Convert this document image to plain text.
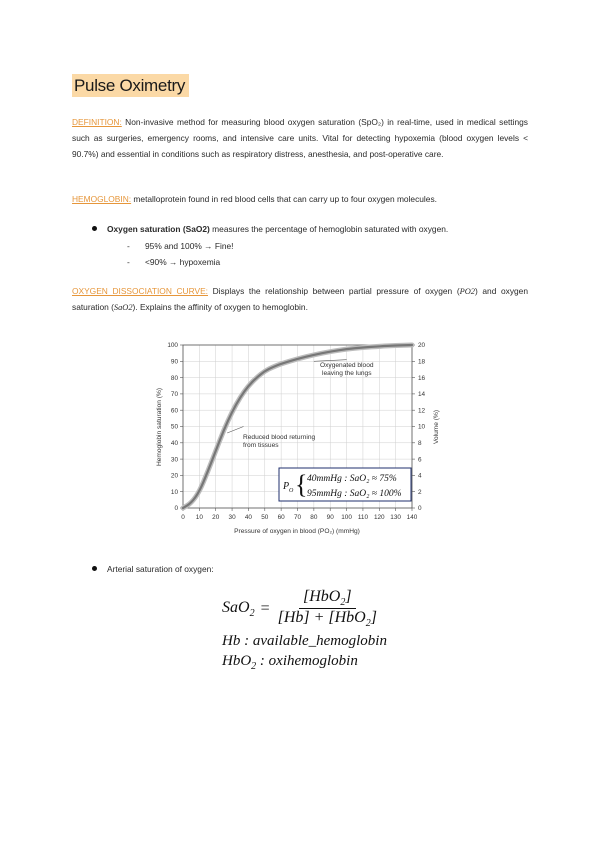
Pulse Oximetry
DEFINITION: Non-invasive method for measuring blood oxygen saturation (SpO₂) in real-time, used in medical settings such as surgeries, emergency rooms, and intensive care units. Vital for detecting hypoxemia (blood oxygen levels < 90.7%) and essential in conditions such as respiratory distress, anesthesia, and post-operative care.
HEMOGLOBIN: metalloprotein found in red blood cells that can carry up to four oxygen molecules.
Oxygen saturation (SaO2) measures the percentage of hemoglobin saturated with oxygen.
- 95% and 100% → Fine!
- <90% → hypoxemia
OXYGEN DISSOCIATION CURVE: Displays the relationship between partial pressure of oxygen (PO2) and oxygen saturation (SaO2). Explains the affinity of oxygen to hemoglobin.
0 10 20 30 40 50 60 70 80 90 100 110 120 130 140
0
10
20
30
40
50
60
70
80
90
100
0
2
4
6
8
10
12
14
16
18
20
Oxygenated blood
leaving the lungs
Reduced blood returning
from tissues
P O { 40mmHg : SaO₂ ≈ 75%
95mmHg : SaO₂ ≈ 100%
Pressure of oxygen in blood (PO₂) (mmHg)
Hemoglobin saturation (%)	Volume (%)
Arterial saturation of oxygen:
SaO$_2$ =
[HbO$_2$]
[Hb] + [HbO$_2$]
Hb : available_hemoglobin
HbO$_2$ : oxihemoglobin
